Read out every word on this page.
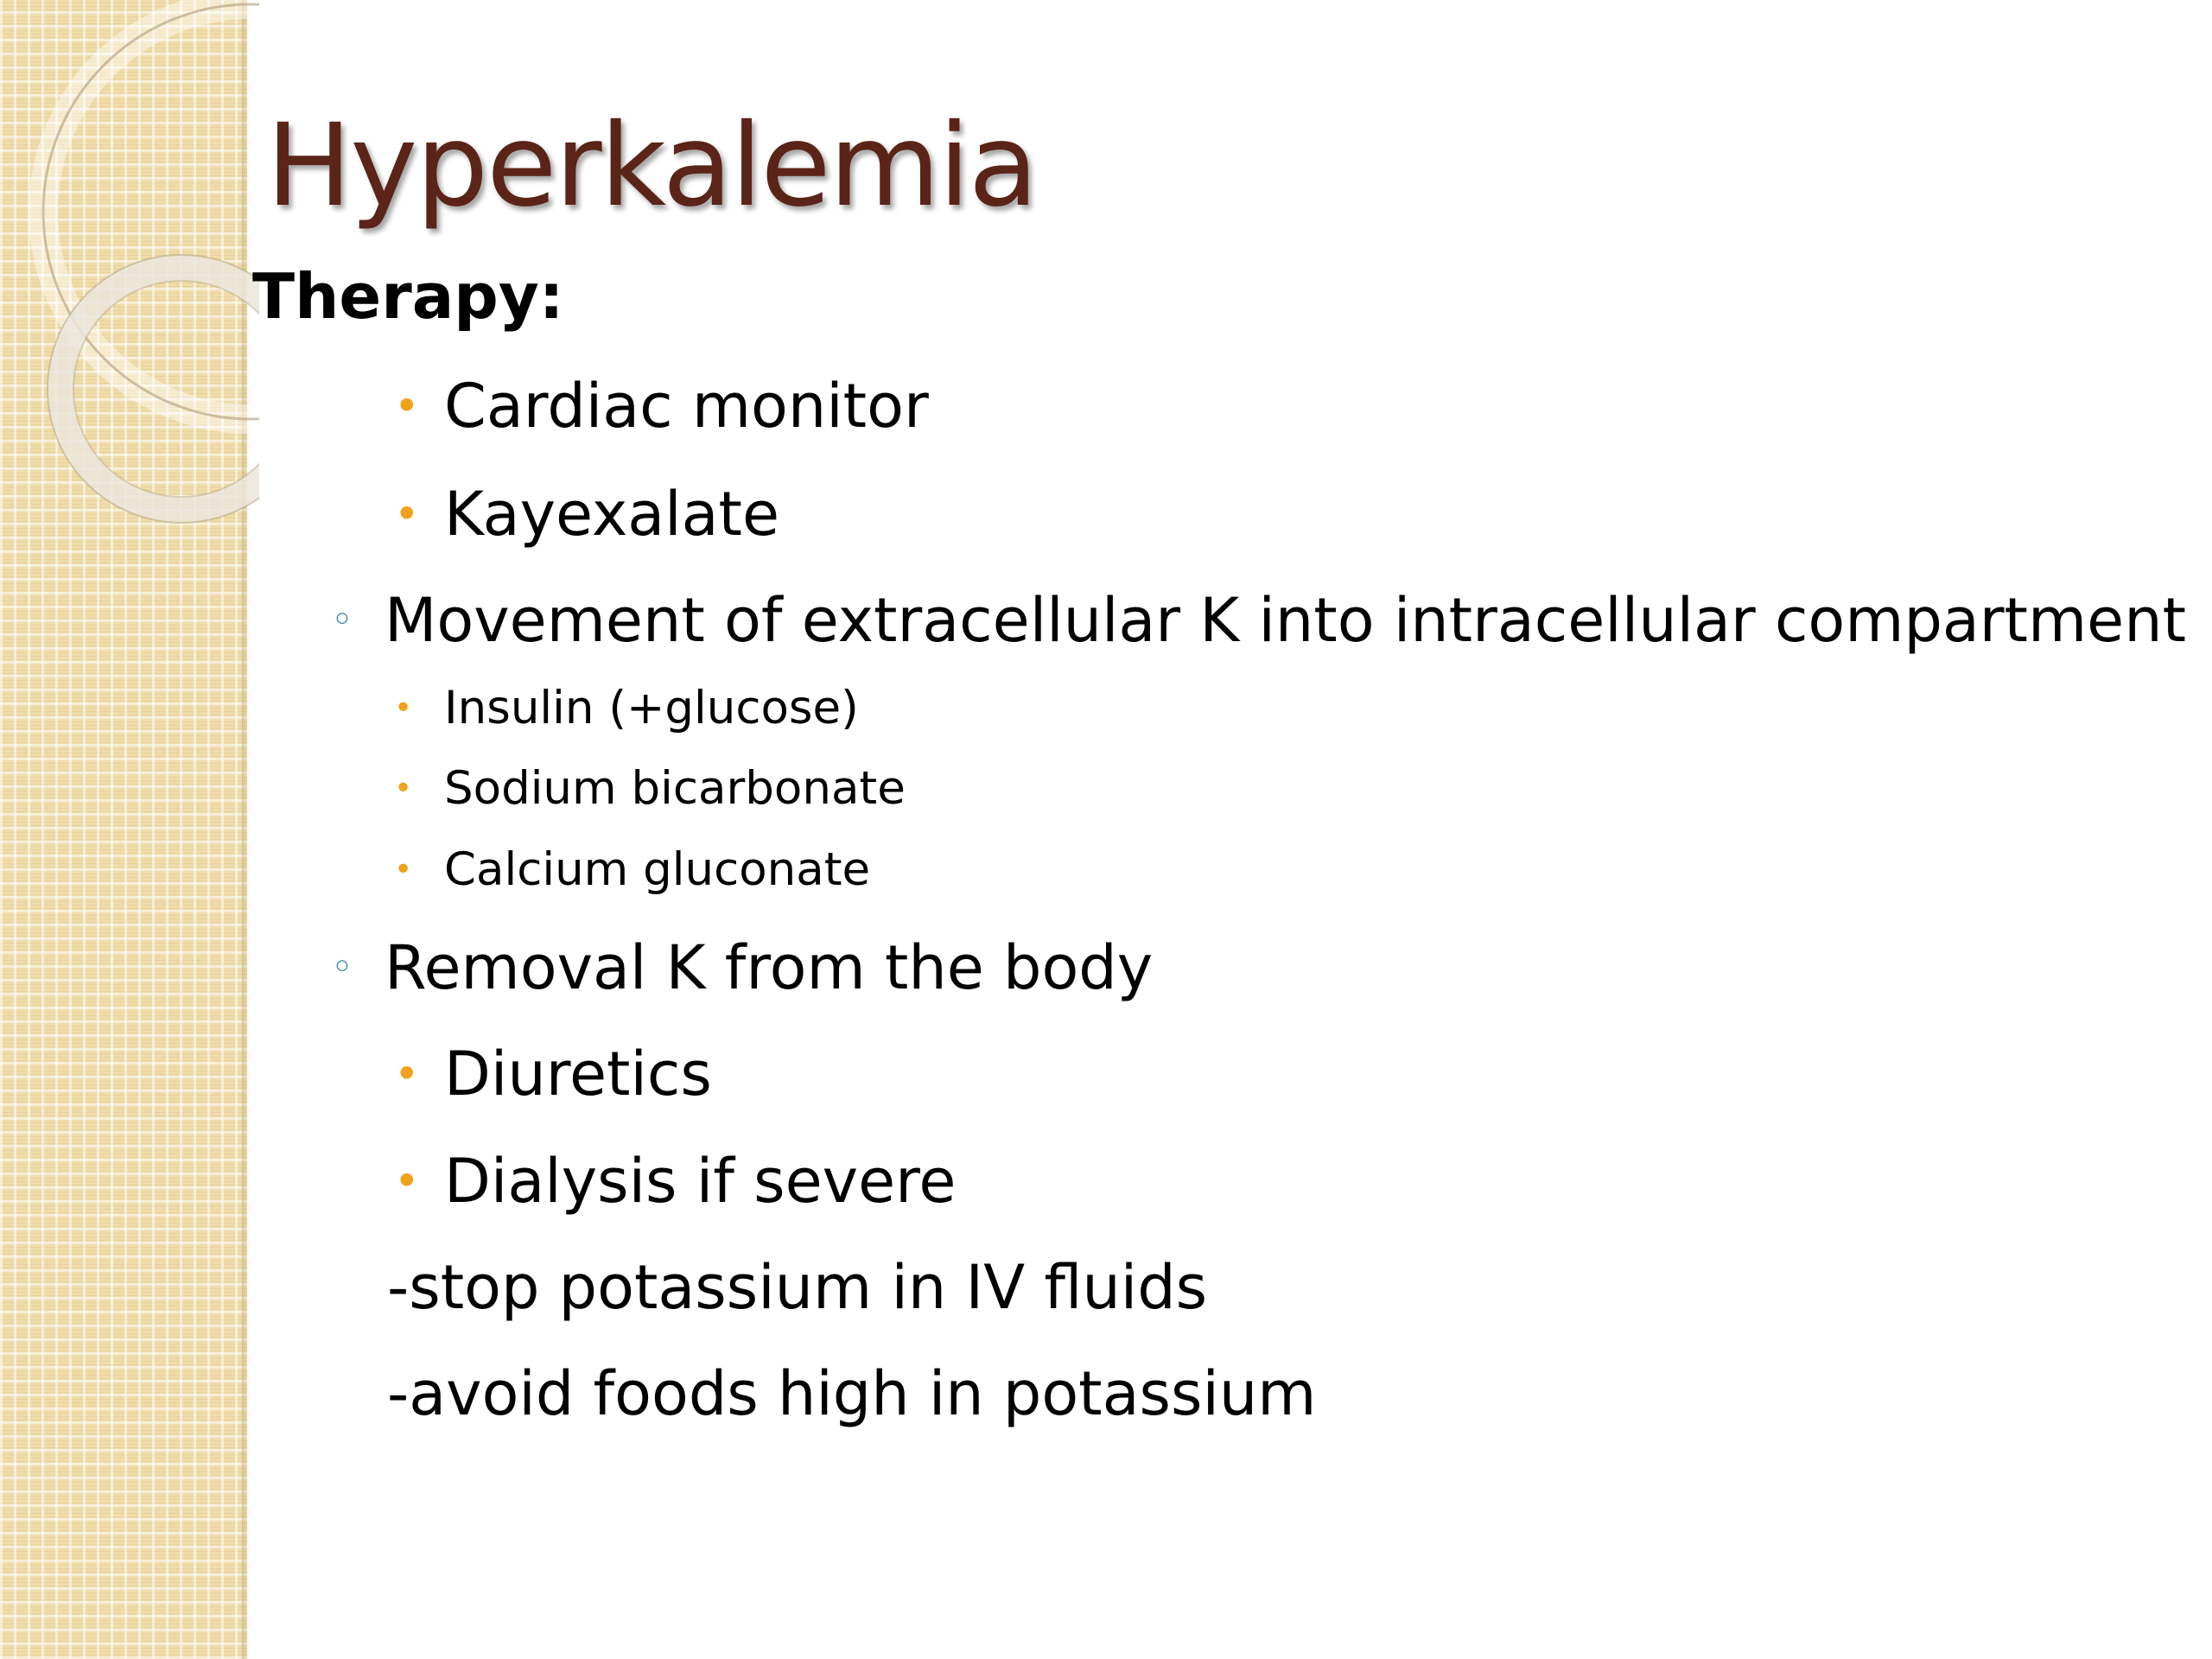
Hyperkalemia
Therapy:
• Cardiac monitor
• Kayexalate
◦ Movement of extracellular K into intracellular compartment
• Insulin (+glucose)
• Sodium bicarbonate
• Calcium gluconate
◦ Removal K from the body
• Diuretics
• Dialysis if severe
-stop potassium in IV fluids
-avoid foods high in potassium
